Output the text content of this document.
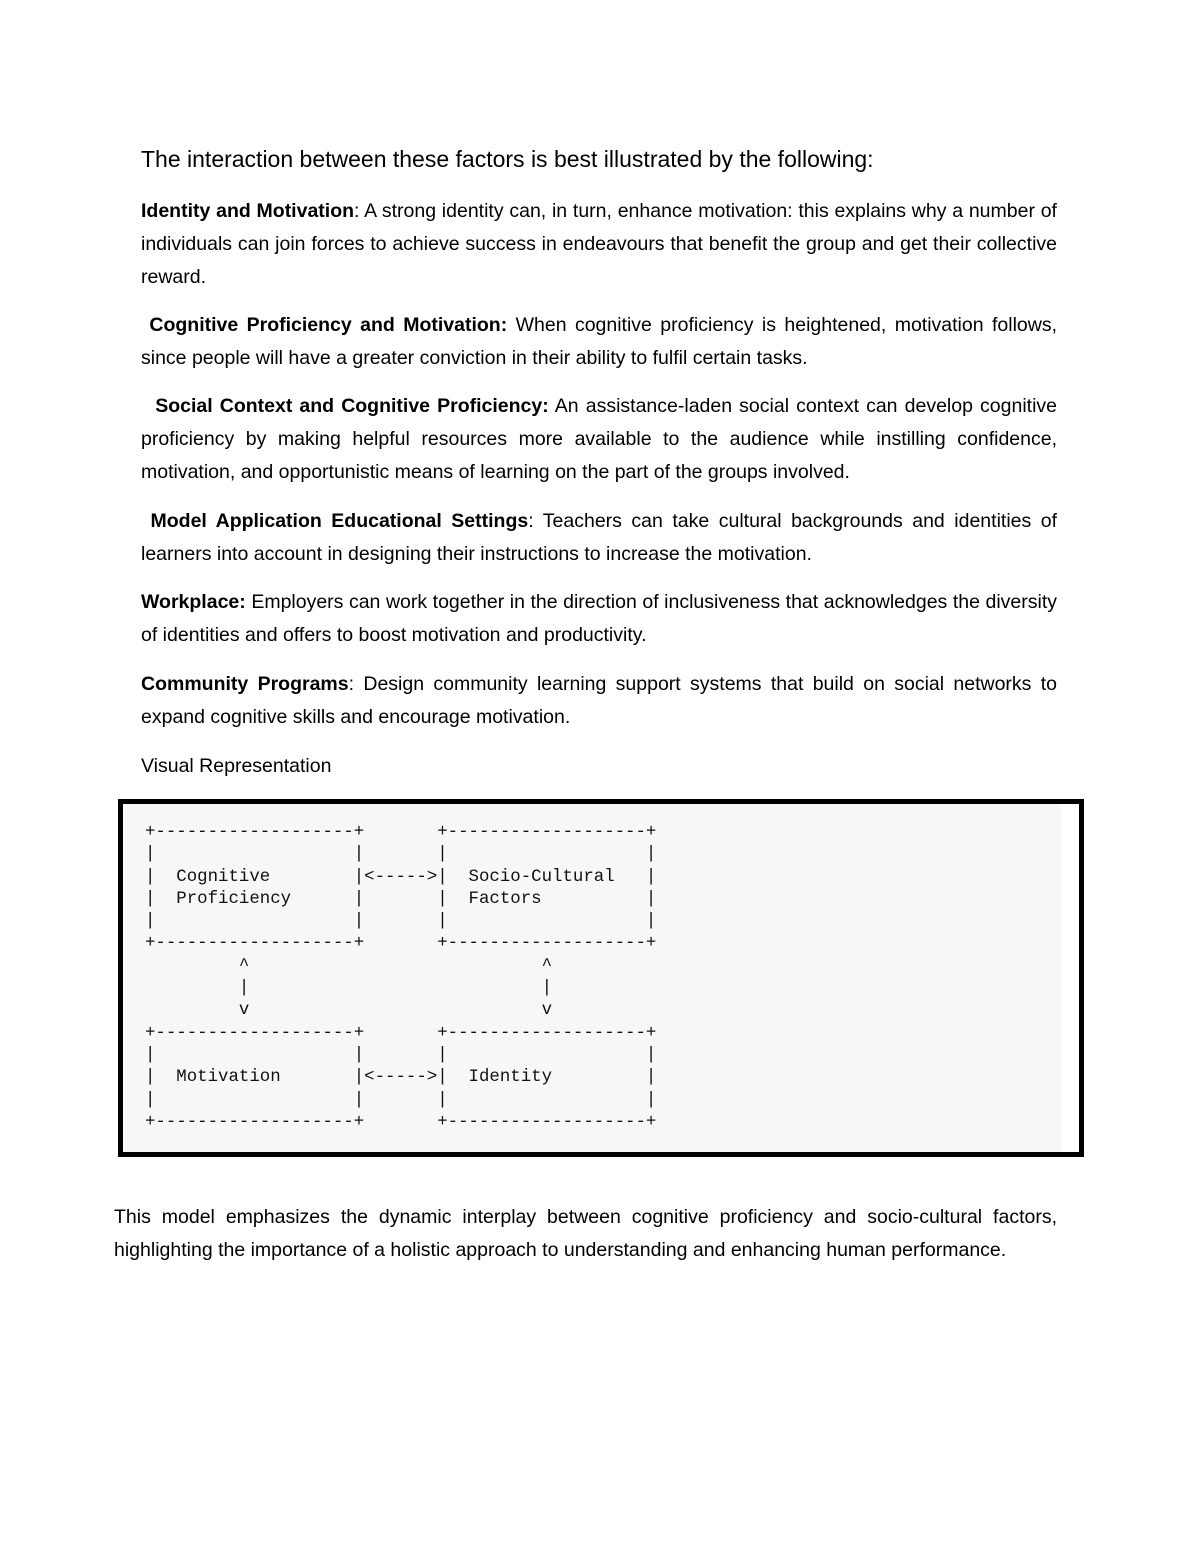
The interaction between these factors is best illustrated by the following:

Identity and Motivation: A strong identity can, in turn, enhance motivation: this explains why a number of individuals can join forces to achieve success in endeavours that benefit the group and get their collective reward.

Cognitive Proficiency and Motivation: When cognitive proficiency is heightened, motivation follows, since people will have a greater conviction in their ability to fulfil certain tasks.

Social Context and Cognitive Proficiency: An assistance-laden social context can develop cognitive proficiency by making helpful resources more available to the audience while instilling confidence, motivation, and opportunistic means of learning on the part of the groups involved.

Model Application Educational Settings: Teachers can take cultural backgrounds and identities of learners into account in designing their instructions to increase the motivation.

Workplace: Employers can work together in the direction of inclusiveness that acknowledges the diversity of identities and offers to boost motivation and productivity.

Community Programs: Design community learning support systems that build on social networks to expand cognitive skills and encourage motivation.

Visual Representation

+-------------------+       +-------------------+
|                   |       |                   |
|  Cognitive        |<----->|  Socio-Cultural   |
|  Proficiency      |       |  Factors          |
|                   |       |                   |
+-------------------+       +-------------------+
^                            ^
|                            |
v                            v
+-------------------+       +-------------------+
|                   |       |                   |
|  Motivation       |<----->|  Identity         |
|                   |       |                   |
+-------------------+       +-------------------+

This model emphasizes the dynamic interplay between cognitive proficiency and socio-cultural factors, highlighting the importance of a holistic approach to understanding and enhancing human performance.
